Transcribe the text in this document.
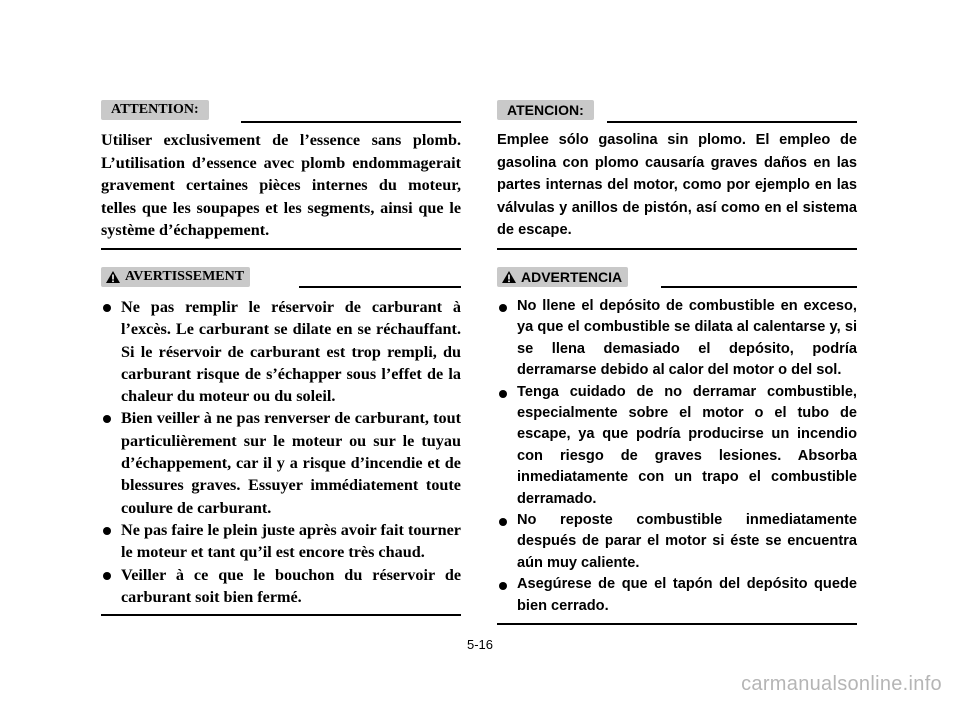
ATTENTION:

Utiliser exclusivement de l’essence sans plomb. L’utilisation d’essence avec plomb endommagerait gravement certaines pièces internes du moteur, telles que les soupapes et les segments, ainsi que le système d’échappement.

AVERTISSEMENT
Ne pas remplir le réservoir de carburant à l’excès. Le carburant se dilate en se réchauffant. Si le réservoir de carburant est trop rempli, du carburant risque de s’échapper sous l’effet de la chaleur du moteur ou du soleil.
Bien veiller à ne pas renverser de carburant, tout particulièrement sur le moteur ou sur le tuyau d’échappement, car il y a risque d’incendie et de blessures graves. Essuyer immédiatement toute coulure de carburant.
Ne pas faire le plein juste après avoir fait tourner le moteur et tant qu’il est encore très chaud.
Veiller à ce que le bouchon du réservoir de carburant soit bien fermé.
ATENCION:

Emplee sólo gasolina sin plomo. El empleo de gasolina con plomo causaría graves daños en las partes internas del motor, como por ejemplo en las válvulas y anillos de pistón, así como en el sistema de escape.

ADVERTENCIA
No llene el depósito de combustible en exceso, ya que el combustible se dilata al calentarse y, si se llena demasiado el depósito, podría derramarse debido al calor del motor o del sol.
Tenga cuidado de no derramar combustible, especialmente sobre el motor o el tubo de escape, ya que podría producirse un incendio con riesgo de graves lesiones. Absorba inmediatamente con un trapo el combustible derramado.
No reposte combustible inmediatamente después de parar el motor si éste se encuentra aún muy caliente.
Asegúrese de que el tapón del depósito quede bien cerrado.
5-16
carmanualsonline.info
